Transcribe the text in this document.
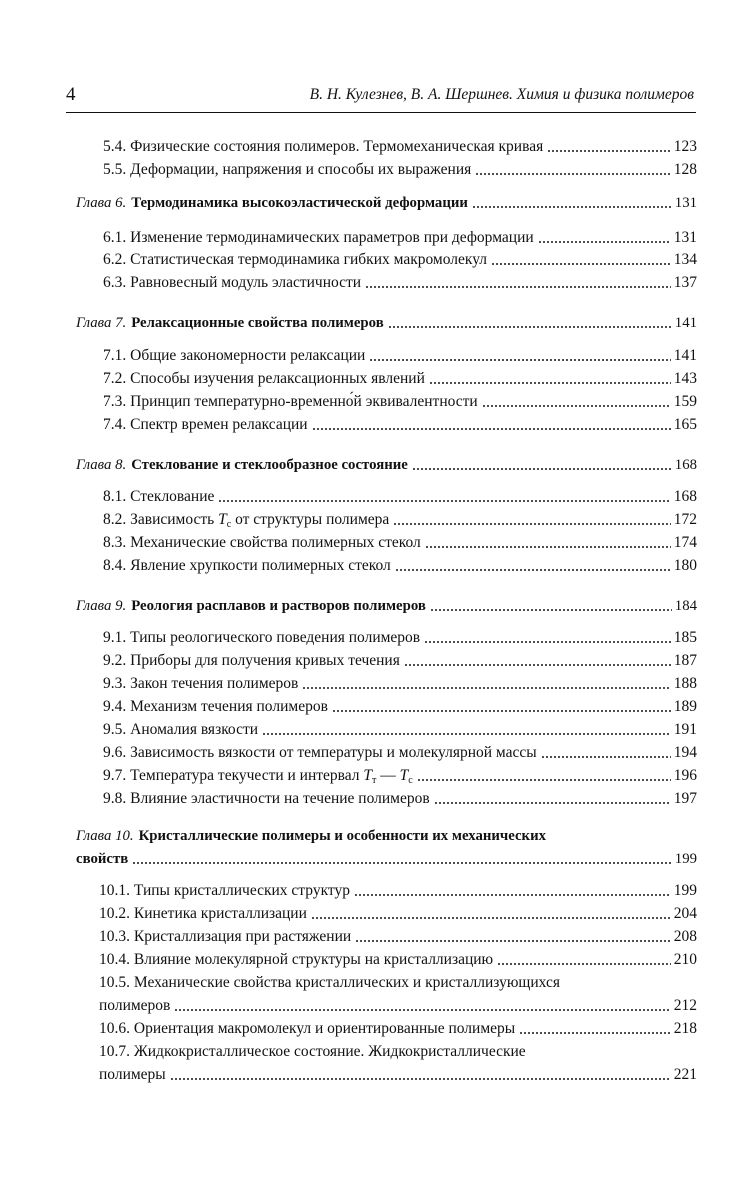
4	В. Н. Кулезнев, В. А. Шершнев. Химия и физика полимеров
5.4. Физические состояния полимеров. Термомеханическая кривая	123
5.5. Деформации, напряжения и способы их выражения	128
Глава 6. Термодинамика высокоэластической деформации	131
6.1. Изменение термодинамических параметров при деформации	131
6.2. Статистическая термодинамика гибких макромолекул	134
6.3. Равновесный модуль эластичности	137
Глава 7. Релаксационные свойства полимеров	141
7.1. Общие закономерности релаксации	141
7.2. Способы изучения релаксационных явлений	143
7.3. Принцип температурно-временно́й эквивалентности	159
7.4. Спектр времен релаксации	165
Глава 8. Стеклование и стеклообразное состояние	168
8.1. Стеклование	168
8.2. Зависимость $T_с$ от структуры полимера	172
8.3. Механические свойства полимерных стекол	174
8.4. Явление хрупкости полимерных стекол	180
Глава 9. Реология расплавов и растворов полимеров	184
9.1. Типы реологического поведения полимеров	185
9.2. Приборы для получения кривых течения	187
9.3. Закон течения полимеров	188
9.4. Механизм течения полимеров	189
9.5. Аномалия вязкости	191
9.6. Зависимость вязкости от температуры и молекулярной массы	194
9.7. Температура текучести и интервал $T_т$ — $T_с$	196
9.8. Влияние эластичности на течение полимеров	197
Глава 10. Кристаллические полимеры и особенности их механических
свойств	199
10.1. Типы кристаллических структур	199
10.2. Кинетика кристаллизации	204
10.3. Кристаллизация при растяжении	208
10.4. Влияние молекулярной структуры на кристаллизацию	210
10.5. Механические свойства кристаллических и кристаллизующихся
полимеров	212
10.6. Ориентация макромолекул и ориентированные полимеры	218
10.7. Жидкокристаллическое состояние. Жидкокристаллические
полимеры	221
